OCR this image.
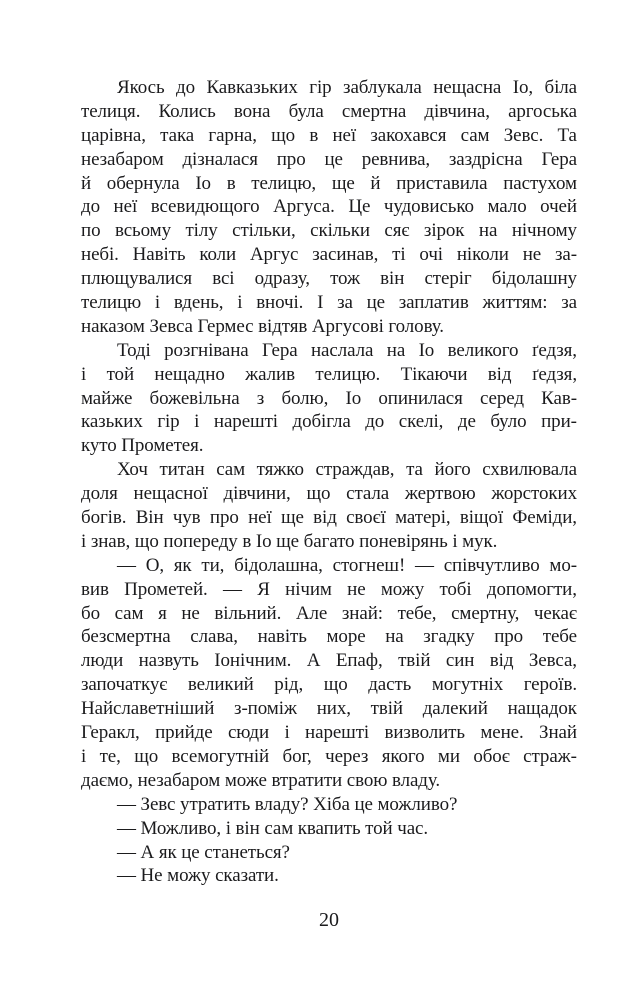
Якось до Кавказьких гір заблукала нещасна Іо, біла
телиця. Колись вона була смертна дівчина, аргоська
царівна, така гарна, що в неї закохався сам Зевс. Та
незабаром дізналася про це ревнива, заздрісна Гера
й обернула Іо в телицю, ще й приставила пастухом
до неї всевидющого Аргуса. Це чудовисько мало очей
по всьому тілу стільки, скільки сяє зірок на нічному
небі. Навіть коли Аргус засинав, ті очі ніколи не за-
плющувалися всі одразу, тож він стеріг бідолашну
телицю і вдень, і вночі. І за це заплатив життям: за
наказом Зевса Гермес відтяв Аргусові голову.
Тоді розгнівана Гера наслала на Іо великого ґедзя,
і той нещадно жалив телицю. Тікаючи від ґедзя,
майже божевільна з болю, Іо опинилася серед Кав-
казьких гір і нарешті добігла до скелі, де було при-
куто Прометея.
Хоч титан сам тяжко страждав, та його схвилювала
доля нещасної дівчини, що стала жертвою жорстоких
богів. Він чув про неї ще від своєї матері, віщої Феміди,
і знав, що попереду в Іо ще багато поневірянь і мук.
— О, як ти, бідолашна, стогнеш! — співчутливо мо-
вив Прометей. — Я нічим не можу тобі допомогти,
бо сам я не вільний. Але знай: тебе, смертну, чекає
безсмертна слава, навіть море на згадку про тебе
люди назвуть Іонічним. А Епаф, твій син від Зевса,
започаткує великий рід, що дасть могутніх героїв.
Найславетніший з-поміж них, твій далекий нащадок
Геракл, прийде сюди і нарешті визволить мене. Знай
і те, що всемогутній бог, через якого ми обоє страж-
даємо, незабаром може втратити свою владу.
— Зевс утратить владу? Хіба це можливо?
— Можливо, і він сам квапить той час.
— А як це станеться?
— Не можу сказати.
20
